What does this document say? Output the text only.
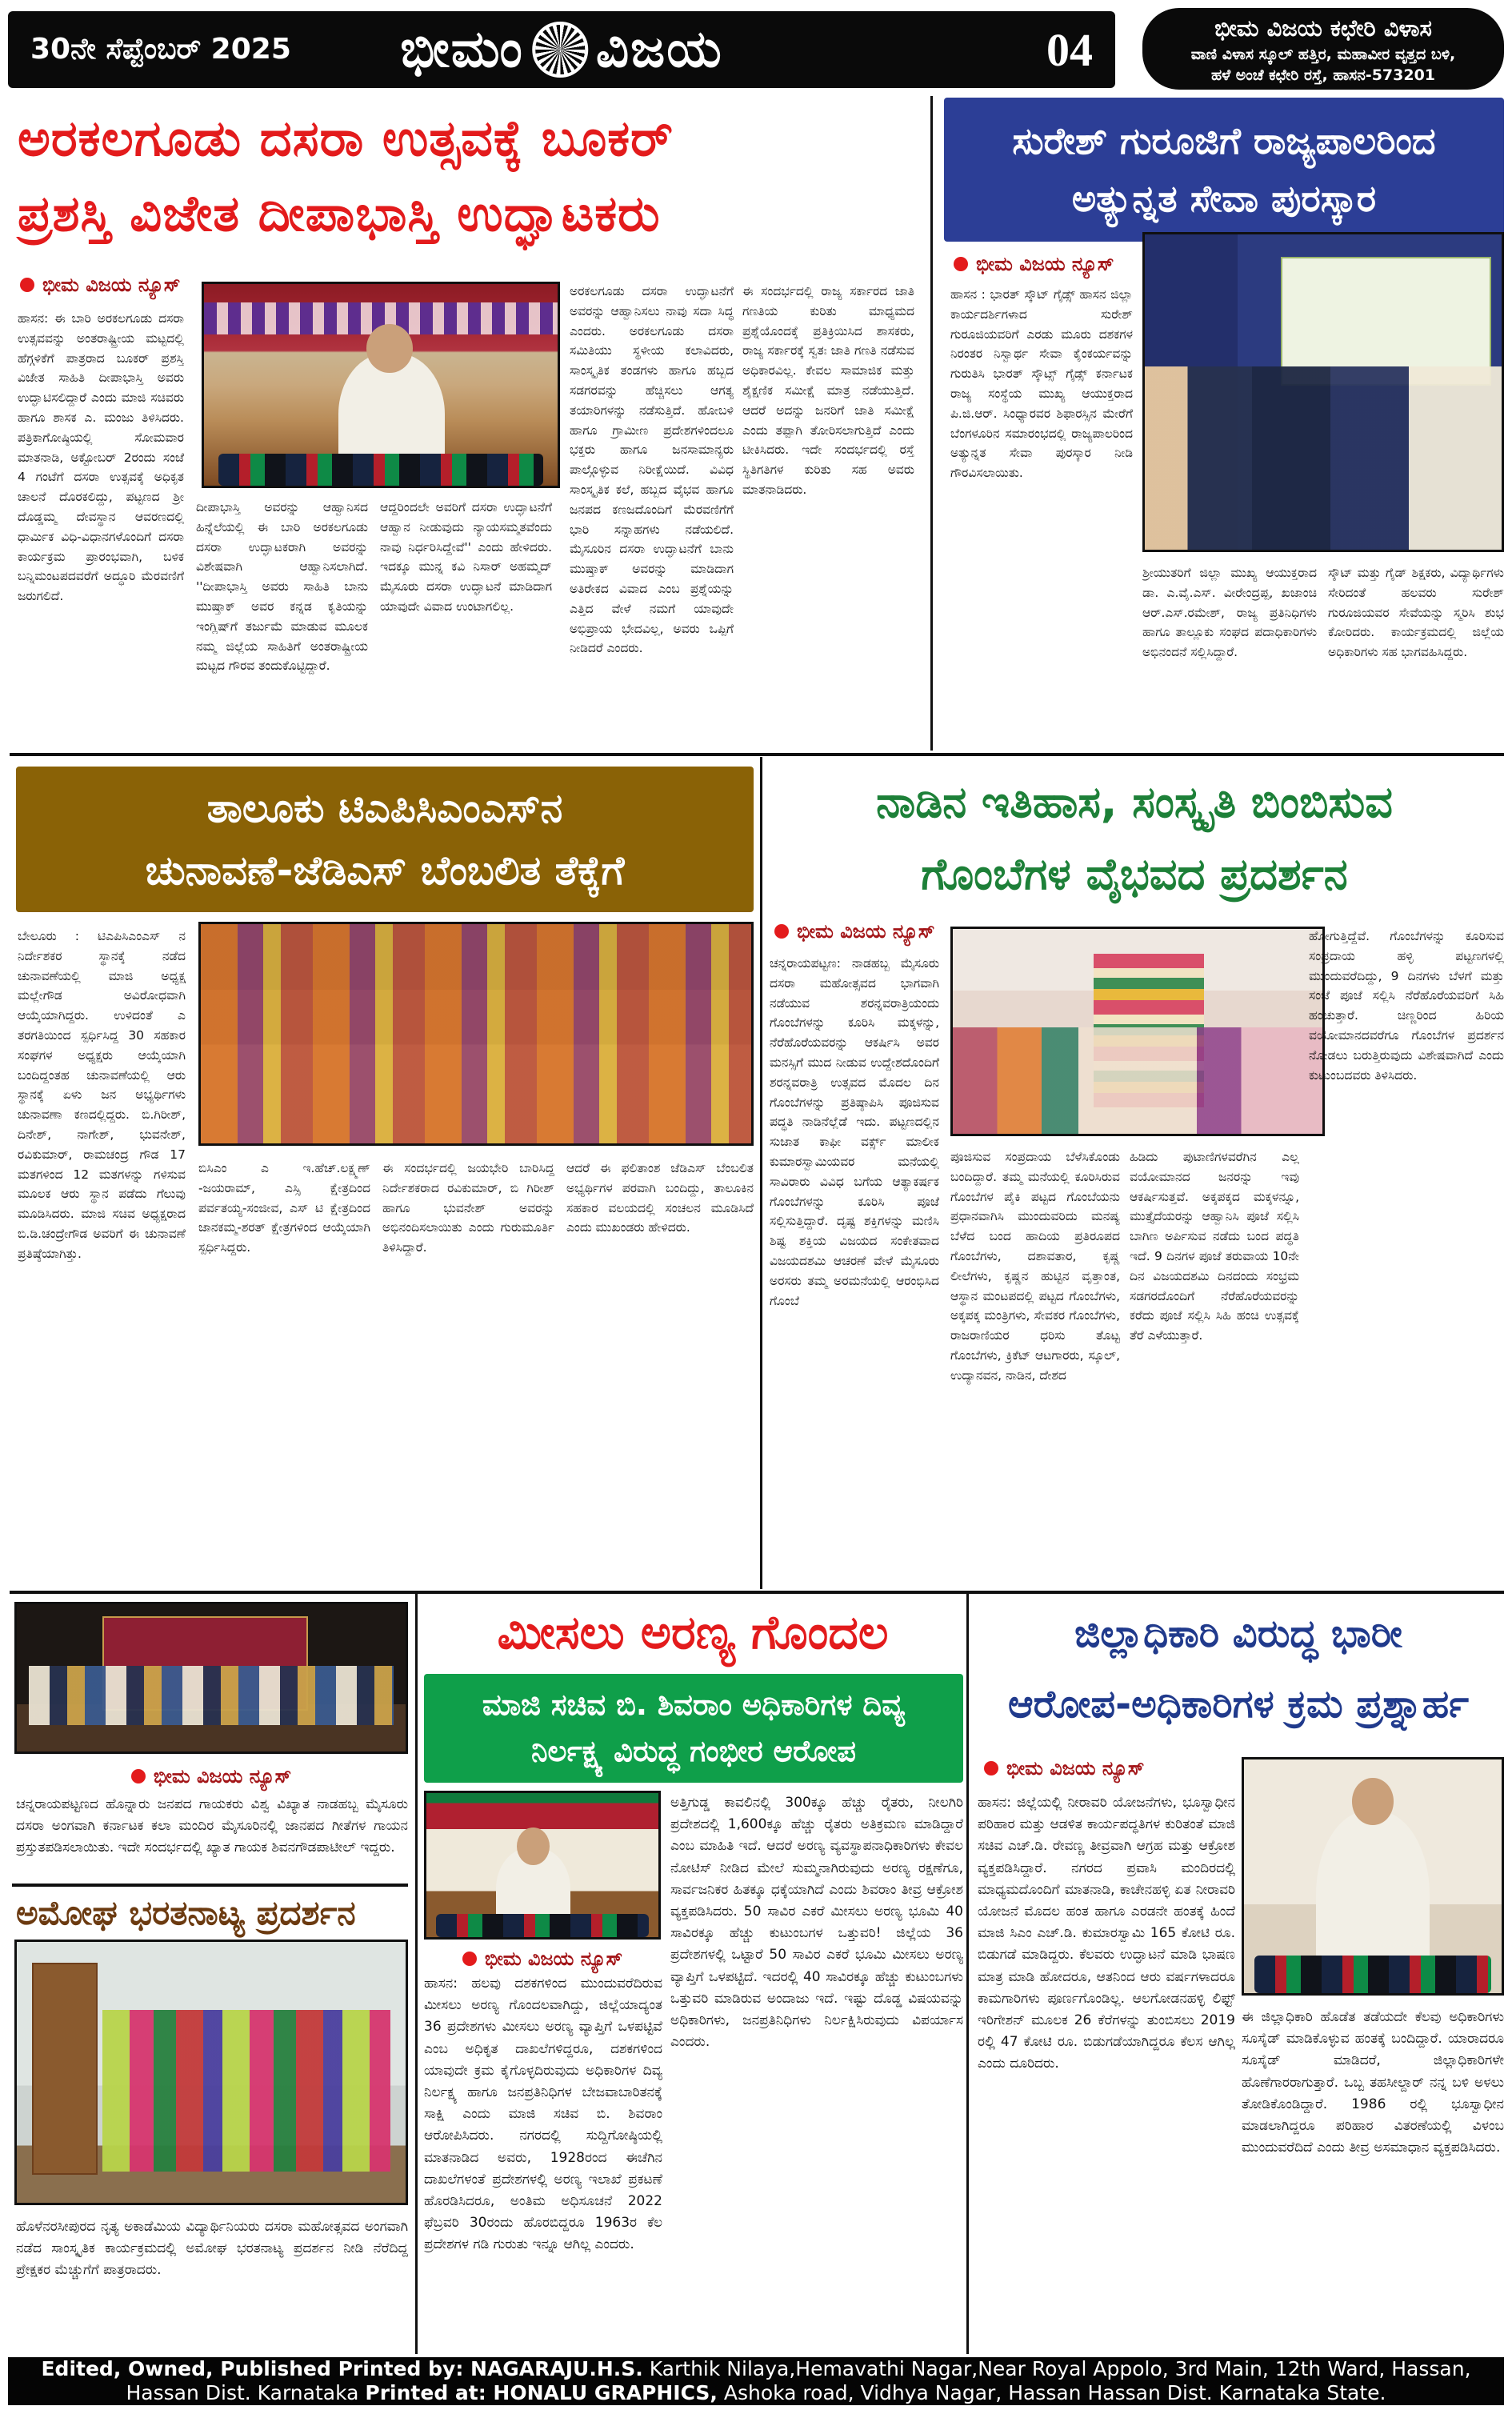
30ನೇ ಸೆಪ್ಟೆಂಬರ್ 2025 ಭೀಮಂ ವಿಜಯ	04	ಭೀಮ ವಿಜಯ ಕಛೇರಿ ವಿಳಾಸ
ವಾಣಿ ವಿಳಾಸ ಸ್ಕೂಲ್ ಹತ್ತಿರ, ಮಹಾವೀರ ವೃತ್ತದ ಬಳಿ,
ಹಳೆ ಅಂಚೆ ಕಛೇರಿ ರಸ್ತೆ, ಹಾಸನ-573201
ಅರಕಲಗೂಡು ದಸರಾ ಉತ್ಸವಕ್ಕೆ ಬೂಕರ್
ಪ್ರಶಸ್ತಿ ವಿಜೇತ ದೀಪಾಭಾಸ್ತಿ ಉದ್ಘಾಟಕರು
ಭೀಮ ವಿಜಯ ನ್ಯೂಸ್
ಹಾಸನ: ಈ ಬಾರಿ ಅರಕಲಗೂಡು ದಸರಾ ಉತ್ಸವವನ್ನು ಅಂತರಾಷ್ಟ್ರೀಯ ಮಟ್ಟದಲ್ಲಿ ಹೆಗ್ಗಳಿಕೆಗೆ ಪಾತ್ರರಾದ ಬೂಕರ್ ಪ್ರಶಸ್ತಿ ವಿಜೇತ ಸಾಹಿತಿ ದೀಪಾಭಾಸ್ತಿ ಅವರು ಉದ್ಘಾಟಿಸಲಿದ್ದಾರೆ ಎಂದು ಮಾಜಿ ಸಚಿವರು ಹಾಗೂ ಶಾಸಕ ಎ. ಮಂಜು ತಿಳಿಸಿದರು. ಪತ್ರಿಕಾಗೋಷ್ಠಿಯಲ್ಲಿ ಸೋಮವಾರ ಮಾತನಾಡಿ, ಅಕ್ಟೋಬರ್ 2ರಂದು ಸಂಜೆ 4 ಗಂಟೆಗೆ ದಸರಾ ಉತ್ಸವಕ್ಕೆ ಅಧಿಕೃತ ಚಾಲನೆ ದೊರಕಲಿದ್ದು, ಪಟ್ಟಣದ ಶ್ರೀ ದೊಡ್ಡಮ್ಮ ದೇವಸ್ಥಾನ ಆವರಣದಲ್ಲಿ ಧಾರ್ಮಿಕ ವಿಧಿ-ವಿಧಾನಗಳೊಂದಿಗೆ ದಸರಾ ಕಾರ್ಯಕ್ರಮ ಪ್ರಾರಂಭವಾಗಿ, ಬಳಿಕ ಬನ್ನಿಮಂಟಪದವರೆಗೆ ಅದ್ಧೂರಿ ಮೆರವಣಿಗೆ ಜರುಗಲಿದೆ.
ದೀಪಾಭಾಸ್ತಿ ಅವರನ್ನು ಆಹ್ವಾನಿಸದ ಹಿನ್ನೆಲೆಯಲ್ಲಿ ಈ ಬಾರಿ ಅರಕಲಗೂಡು ದಸರಾ ಉದ್ಘಾಟಕರಾಗಿ ಅವರನ್ನು ವಿಶೇಷವಾಗಿ ಆಹ್ವಾನಿಸಲಾಗಿದೆ. ''ದೀಪಾಭಾಸ್ತಿ ಅವರು ಸಾಹಿತಿ ಬಾನು ಮುಷ್ತಾಕ್ ಅವರ ಕನ್ನಡ ಕೃತಿಯನ್ನು ಇಂಗ್ಲಿಷ್‌ಗೆ ತರ್ಜುಮೆ ಮಾಡುವ ಮೂಲಕ ನಮ್ಮ ಜಿಲ್ಲೆಯ ಸಾಹಿತಿಗೆ ಅಂತರಾಷ್ಟ್ರೀಯ ಮಟ್ಟದ ಗೌರವ ತಂದುಕೊಟ್ಟಿದ್ದಾರೆ.
ಆದ್ದರಿಂದಲೇ ಅವರಿಗೆ ದಸರಾ ಉದ್ಘಾಟನೆಗೆ ಆಹ್ವಾನ ನೀಡುವುದು ನ್ಯಾಯಸಮ್ಮತವೆಂದು ನಾವು ನಿರ್ಧರಿಸಿದ್ದೇವೆ'' ಎಂದು ಹೇಳಿದರು. ಇದಕ್ಕೂ ಮುನ್ನ ಕವಿ ನಿಸಾರ್ ಅಹಮ್ಮದ್ ಮೈಸೂರು ದಸರಾ ಉದ್ಘಾಟನೆ ಮಾಡಿದಾಗ ಯಾವುದೇ ವಿವಾದ ಉಂಟಾಗಲಿಲ್ಲ.
ಅರಕಲಗೂಡು ದಸರಾ ಉದ್ಘಾಟನೆಗೆ ಅವರನ್ನು ಆಹ್ವಾನಿಸಲು ನಾವು ಸದಾ ಸಿದ್ಧ ಎಂದರು. ಅರಕಲಗೂಡು ದಸರಾ ಸಮಿತಿಯು ಸ್ಥಳೀಯ ಕಲಾವಿದರು, ಸಾಂಸ್ಕೃತಿಕ ತಂಡಗಳು ಹಾಗೂ ಹಬ್ಬದ ಸಡಗರವನ್ನು ಹೆಚ್ಚಿಸಲು ಆಗತ್ಯ ತಯಾರಿಗಳನ್ನು ನಡೆಸುತ್ತಿದೆ. ಹೋಬಳಿ ಹಾಗೂ ಗ್ರಾಮೀಣ ಪ್ರದೇಶಗಳಿಂದಲೂ ಭಕ್ತರು ಹಾಗೂ ಜನಸಾಮಾನ್ಯರು ಪಾಲ್ಗೊಳ್ಳುವ ನಿರೀಕ್ಷೆಯಿದೆ. ವಿವಿಧ ಸಾಂಸ್ಕೃತಿಕ ಕಲೆ, ಹಬ್ಬದ ವೈಭವ ಹಾಗೂ ಜನಪದ ಕಣಜದೊಂದಿಗೆ ಮೆರವಣಿಗೆಗೆ ಭಾರಿ ಸನ್ನಾಹಗಳು ನಡೆಯಲಿದೆ. ಮೈಸೂರಿನ ದಸರಾ ಉದ್ಘಾಟನೆಗೆ ಬಾನು ಮುಷ್ತಾಕ್ ಅವರನ್ನು ಮಾಡಿದಾಗ ಅತಿರೇಕದ ವಿವಾದ ಎಂಬ ಪ್ರಶ್ನೆಯನ್ನು ಎತ್ತಿದ ವೇಳೆ ನಮಗೆ ಯಾವುದೇ ಅಭಿಪ್ರಾಯ ಭೇದವಿಲ್ಲ, ಅವರು ಒಪ್ಪಿಗೆ ನೀಡಿದರೆ ಎಂದರು.
ಈ ಸಂದರ್ಭದಲ್ಲಿ ರಾಜ್ಯ ಸರ್ಕಾರದ ಜಾತಿ ಗಣತಿಯ ಕುರಿತು ಮಾಧ್ಯಮದ ಪ್ರಶ್ನೆಯೊಂದಕ್ಕೆ ಪ್ರತಿಕ್ರಿಯಿಸಿದ ಶಾಸಕರು, ರಾಜ್ಯ ಸರ್ಕಾರಕ್ಕೆ ಸ್ವತಃ ಜಾತಿ ಗಣತಿ ನಡೆಸುವ ಅಧಿಕಾರವಿಲ್ಲ. ಕೇವಲ ಸಾಮಾಜಿಕ ಮತ್ತು ಶೈಕ್ಷಣಿಕ ಸಮೀಕ್ಷೆ ಮಾತ್ರ ನಡೆಯುತ್ತಿದೆ. ಆದರೆ ಅದನ್ನು ಜನರಿಗೆ ಜಾತಿ ಸಮೀಕ್ಷೆ ಎಂದು ತಪ್ಪಾಗಿ ತೋರಿಸಲಾಗುತ್ತಿದೆ ಎಂದು ಟೀಕಿಸಿದರು. ಇದೇ ಸಂದರ್ಭದಲ್ಲಿ ರಸ್ತೆ ಸ್ಥಿತಿಗತಿಗಳ ಕುರಿತು ಸಹ ಅವರು ಮಾತನಾಡಿದರು.
ಸುರೇಶ್ ಗುರೂಜಿಗೆ ರಾಜ್ಯಪಾಲರಿಂದ
ಅತ್ಯುನ್ನತ ಸೇವಾ ಪುರಸ್ಕಾರ
ಭೀಮ ವಿಜಯ ನ್ಯೂಸ್
ಹಾಸನ : ಭಾರತ್ ಸ್ಕೌಟ್ ಗೈಡ್ಸ್ ಹಾಸನ ಜಿಲ್ಲಾ ಕಾರ್ಯದರ್ಶಿಗಳಾದ ಸುರೇಶ್ ಗುರೂಜಿಯವರಿಗೆ ಎರಡು ಮೂರು ದಶಕಗಳ ನಿರಂತರ ನಿಸ್ವಾರ್ಥ ಸೇವಾ ಕೈಂಕರ್ಯವನ್ನು ಗುರುತಿಸಿ ಭಾರತ್ ಸ್ಕೌಟ್ಸ್ ಗೈಡ್ಸ್ ಕರ್ನಾಟಕ ರಾಜ್ಯ ಸಂಸ್ಥೆಯ ಮುಖ್ಯ ಆಯುಕ್ತರಾದ ಪಿ.ಜಿ.ಆರ್. ಸಿಂಧ್ಯಾರವರ ಶಿಫಾರಸ್ಸಿನ ಮೇರೆಗೆ ಬೆಂಗಳೂರಿನ ಸಮಾರಂಭದಲ್ಲಿ ರಾಜ್ಯಪಾಲರಿಂದ ಅತ್ಯುನ್ನತ ಸೇವಾ ಪುರಸ್ಕಾರ ನೀಡಿ ಗೌರವಿಸಲಾಯಿತು.
ಶ್ರೀಯುತರಿಗೆ ಜಿಲ್ಲಾ ಮುಖ್ಯ ಆಯುಕ್ತರಾದ ಡಾ. ಎ.ವೈ.ಎಸ್. ವೀರೇಂದ್ರಪ್ಪ, ಖಜಾಂಚಿ ಆರ್.ಎಸ್.ರಮೇಶ್, ರಾಜ್ಯ ಪ್ರತಿನಿಧಿಗಳು ಹಾಗೂ ತಾಲ್ಲೂಕು ಸಂಘದ ಪದಾಧಿಕಾರಿಗಳು ಅಭಿನಂದನೆ ಸಲ್ಲಿಸಿದ್ದಾರೆ.
ಸ್ಕೌಟ್ ಮತ್ತು ಗೈಡ್ ಶಿಕ್ಷಕರು, ವಿದ್ಯಾರ್ಥಿಗಳು ಸೇರಿದಂತೆ ಹಲವರು ಸುರೇಶ್ ಗುರೂಜಿಯವರ ಸೇವೆಯನ್ನು ಸ್ಮರಿಸಿ ಶುಭ ಕೋರಿದರು. ಕಾರ್ಯಕ್ರಮದಲ್ಲಿ ಜಿಲ್ಲೆಯ ಅಧಿಕಾರಿಗಳು ಸಹ ಭಾಗವಹಿಸಿದ್ದರು.
ತಾಲೂಕು ಟಿಎಪಿಸಿಎಂಎಸ್‌ನ
ಚುನಾವಣೆ-ಜೆಡಿಎಸ್ ಬೆಂಬಲಿತ ತೆಕ್ಕೆಗೆ
ಬೇಲೂರು : ಟಿಎಪಿಸಿಎಂಎಸ್ ನ ನಿರ್ದೇಶಕರ ಸ್ಥಾನಕ್ಕೆ ನಡೆದ ಚುನಾವಣೆಯಲ್ಲಿ ಮಾಜಿ ಅಧ್ಯಕ್ಷ ಮಲ್ಲೇಗೌಡ ಅವಿರೋಧವಾಗಿ ಆಯ್ಕೆಯಾಗಿದ್ದರು. ಉಳಿದಂತೆ ಎ ತರಗತಿಯಿಂದ ಸ್ಪರ್ಧಿಸಿದ್ದ 30 ಸಹಕಾರ ಸಂಘಗಳ ಅಧ್ಯಕ್ಷರು ಆಯ್ಕೆಯಾಗಿ ಬಂದಿದ್ದಂತಹ ಚುನಾವಣೆಯಲ್ಲಿ ಆರು ಸ್ಥಾನಕ್ಕೆ ಏಳು ಜನ ಅಭ್ಯರ್ಥಿಗಳು ಚುನಾವಣಾ ಕಣದಲ್ಲಿದ್ದರು. ಬಿ.ಗಿರೀಶ್, ದಿನೇಶ್, ನಾಗೇಶ್, ಭುವನೇಶ್, ರವಿಕುಮಾರ್, ರಾಮಚಂದ್ರ ಗೌಡ 17 ಮತಗಳಿಂದ 12 ಮತಗಳನ್ನು ಗಳಿಸುವ ಮೂಲಕ ಆರು ಸ್ಥಾನ ಪಡೆದು ಗೆಲುವು ಮೂಡಿಸಿದರು. ಮಾಜಿ ಸಚಿವ ಅಧ್ಯಕ್ಷರಾದ ಬಿ.ಡಿ.ಚಂದ್ರೇಗೌಡ ಅವರಿಗೆ ಈ ಚುನಾವಣೆ ಪ್ರತಿಷ್ಠೆಯಾಗಿತ್ತು.
ಬಿಸಿಎಂ ಎ ಇ.ಹೆಚ್.ಲಕ್ಷ್ಮಣ್ -ಜಯರಾಮ್, ಎಸ್ಸಿ ಕ್ಷೇತ್ರದಿಂದ ಪರ್ವತಯ್ಯ-ಸಂಜೀವ, ಎಸ್ ಟಿ ಕ್ಷೇತ್ರದಿಂದ ಜಾನಕಮ್ಮ-ಶರತ್ ಕ್ಷೇತ್ರಗಳಿಂದ ಆಯ್ಕೆಯಾಗಿ ಸ್ಪರ್ಧಿಸಿದ್ದರು.
ಈ ಸಂದರ್ಭದಲ್ಲಿ ಜಯಭೇರಿ ಬಾರಿಸಿದ್ದ ನಿರ್ದೇಶಕರಾದ ರವಿಕುಮಾರ್, ಬಿ ಗಿರೀಶ್ ಹಾಗೂ ಭುವನೇಶ್ ಅವರನ್ನು ಅಭಿನಂದಿಸಲಾಯಿತು ಎಂದು ಗುರುಮೂರ್ತಿ ತಿಳಿಸಿದ್ದಾರೆ.
ಆದರೆ ಈ ಫಲಿತಾಂಶ ಜೆಡಿಎಸ್ ಬೆಂಬಲಿತ ಅಭ್ಯರ್ಥಿಗಳ ಪರವಾಗಿ ಬಂದಿದ್ದು, ತಾಲೂಕಿನ ಸಹಕಾರ ವಲಯದಲ್ಲಿ ಸಂಚಲನ ಮೂಡಿಸಿದೆ ಎಂದು ಮುಖಂಡರು ಹೇಳಿದರು.
ನಾಡಿನ ಇತಿಹಾಸ, ಸಂಸ್ಕೃತಿ ಬಿಂಬಿಸುವ
ಗೊಂಬೆಗಳ ವೈಭವದ ಪ್ರದರ್ಶನ
ಭೀಮ ವಿಜಯ ನ್ಯೂಸ್
ಚನ್ನರಾಯಪಟ್ಟಣ: ನಾಡಹಬ್ಬ ಮೈಸೂರು ದಸರಾ ಮಹೋತ್ಸವದ ಭಾಗವಾಗಿ ನಡೆಯುವ ಶರನ್ನವರಾತ್ರಿಯಂದು ಗೊಂಬೆಗಳನ್ನು ಕೂರಿಸಿ ಮಕ್ಕಳನ್ನು, ನೆರೆಹೊರೆಯವರನ್ನು ಆಕರ್ಷಿಸಿ ಅವರ ಮನಸ್ಸಿಗೆ ಮುದ ನೀಡುವ ಉದ್ದೇಶದೊಂದಿಗೆ ಶರನ್ನವರಾತ್ರಿ ಉತ್ಸವದ ಮೊದಲ ದಿನ ಗೊಂಬೆಗಳನ್ನು ಪ್ರತಿಷ್ಠಾಪಿಸಿ ಪೂಜಿಸುವ ಪದ್ಧತಿ ನಾಡಿನೆಲ್ಲೆಡೆ ಇದು. ಪಟ್ಟಣದಲ್ಲಿನ ಸುಜಾತ ಕಾಫೀ ವರ್ಕ್ಸ್ ಮಾಲೀಕ ಕುಮಾರಸ್ವಾಮಿಯವರ ಮನೆಯಲ್ಲಿ ಸಾವಿರಾರು ವಿವಿಧ ಬಗೆಯ ಆತ್ಯಾಕರ್ಷಕ ಗೊಂಬೆಗಳನ್ನು ಕೂರಿಸಿ ಪೂಜೆ ಸಲ್ಲಿಸುತ್ತಿದ್ದಾರೆ. ದೃಷ್ಟ ಶಕ್ತಿಗಳನ್ನು ಮಣಿಸಿ ಶಿಷ್ಟ ಶಕ್ತಿಯ ವಿಜಯದ ಸಂಕೇತವಾದ ವಿಜಯದಶಮಿ ಆಚರಣೆ ವೇಳೆ ಮೈಸೂರು ಅರಸರು ತಮ್ಮ ಅರಮನೆಯಲ್ಲಿ ಆರಂಭಿಸಿದ ಗೊಂಬೆ
ಪೂಜಿಸುವ ಸಂಪ್ರದಾಯ ಬೆಳೆಸಿಕೊಂಡು ಬಂದಿದ್ದಾರೆ. ತಮ್ಮ ಮನೆಯಲ್ಲಿ ಕೂರಿಸಿರುವ ಗೊಂಬೆಗಳ ಪೈಕಿ ಪಟ್ಟದ ಗೊಂಬೆಯನು ಪ್ರಧಾನವಾಗಿಸಿ ಮುಂದುವರಿದು ಮನಷ್ಯ ಬೆಳೆದ ಬಂದ ಹಾದಿಯ ಪ್ರತಿರೂಪದ ಗೊಂಬೆಗಳು, ದಶಾವತಾರ, ಕೃಷ್ಣ ಲೀಲೆಗಳು, ಕೃಷ್ಣನ ಹುಟ್ಟಿನ ವೃತ್ತಾಂತ, ಆಸ್ಥಾನ ಮಂಟಪದಲ್ಲಿ ಪಟ್ಟದ ಗೊಂಬೆಗಳು, ಅಕ್ಕಪಕ್ಕ ಮಂತ್ರಿಗಳು, ಸೇವಕರ ಗೊಂಬೆಗಳು, ರಾಜರಾಣಿಯರ ಧರಿಸು ತೊಟ್ಟ ಗೊಂಬೆಗಳು, ಕ್ರಿಕೆಟ್ ಆಟಗಾರರು, ಸ್ಕೂಲ್, ಉದ್ಯಾನವನ, ನಾಡಿನ, ದೇಶದ
ಹಿಡಿದು ಪುಟಾಣಿಗಳವರೆಗಿನ ಎಲ್ಲ ವಯೋಮಾನದ ಜನರನ್ನು ಇವು ಆಕರ್ಷಿಸುತ್ತವೆ. ಅಕ್ಕಪಕ್ಕದ ಮಕ್ಕಳನ್ನೂ, ಮುತ್ತೈದೆಯರನ್ನು ಆಹ್ವಾನಿಸಿ ಪೂಜೆ ಸಲ್ಲಿಸಿ ಬಾಗಿಣ ಅರ್ಪಿಸುವ ನಡೆದು ಬಂದ ಪದ್ಧತಿ ಇದೆ. 9 ದಿನಗಳ ಪೂಜೆ ತರುವಾಯ 10ನೇ ದಿನ ವಿಜಯದಶಮಿ ದಿನದಂದು ಸಂಭ್ರಮ ಸಡಗರದೊಂದಿಗೆ ನೆರೆಹೊರೆಯವರನ್ನು ಕರೆದು ಪೂಜೆ ಸಲ್ಲಿಸಿ ಸಿಹಿ ಹಂಚಿ ಉತ್ಸವಕ್ಕೆ ತೆರೆ ಎಳೆಯುತ್ತಾರೆ.
ಹೋಗುತ್ತಿದ್ದೆವೆ. ಗೊಂಬೆಗಳನ್ನು ಕೂರಿಸುವ ಸಂಪ್ರದಾಯ ಹಳ್ಳಿ ಪಟ್ಟಣಗಳಲ್ಲಿ ಮುಂದುವರೆದಿದ್ದು, 9 ದಿನಗಳು ಬೆಳಗೆ ಮತ್ತು ಸಂಜೆ ಪೂಜೆ ಸಲ್ಲಿಸಿ ನೆರೆಹೊರೆಯವರಿಗೆ ಸಿಹಿ ಹಂಚುತ್ತಾರೆ. ಚಿಣ್ಣರಿಂದ ಹಿರಿಯ ವಯೋಮಾನದವರೆಗೂ ಗೊಂಬೆಗಳ ಪ್ರದರ್ಶನ ನೋಡಲು ಬರುತ್ತಿರುವುದು ವಿಶೇಷವಾಗಿದೆ ಎಂದು ಕುಟುಂಬದವರು ತಿಳಿಸಿದರು.
ಭೀಮ ವಿಜಯ ನ್ಯೂಸ್
ಚನ್ನರಾಯಪಟ್ಟಣದ ಹೊನ್ನಾರು ಜನಪದ ಗಾಯಕರು ವಿಶ್ವ ವಿಖ್ಯಾತ ನಾಡಹಬ್ಬ ಮೈಸೂರು ದಸರಾ ಅಂಗವಾಗಿ ಕರ್ನಾಟಕ ಕಲಾ ಮಂದಿರ ಮೈಸೂರಿನಲ್ಲಿ ಜಾನಪದ ಗೀತೆಗಳ ಗಾಯನ ಪ್ರಸ್ತುತಪಡಿಸಲಾಯಿತು. ಇದೇ ಸಂದರ್ಭದಲ್ಲಿ ಖ್ಯಾತ ಗಾಯಕ ಶಿವನಗೌಡಪಾಟೀಲ್ ಇದ್ದರು.
ಅಮೋಘ ಭರತನಾಟ್ಯ ಪ್ರದರ್ಶನ
ಹೊಳೆನರಸೀಪುರದ ನೃತ್ಯ ಅಕಾಡೆಮಿಯ ವಿದ್ಯಾರ್ಥಿನಿಯರು ದಸರಾ ಮಹೋತ್ಸವದ ಅಂಗವಾಗಿ ನಡೆದ ಸಾಂಸ್ಕೃತಿಕ ಕಾರ್ಯಕ್ರಮದಲ್ಲಿ ಅಮೋಘ ಭರತನಾಟ್ಯ ಪ್ರದರ್ಶನ ನೀಡಿ ನೆರೆದಿದ್ದ ಪ್ರೇಕ್ಷಕರ ಮೆಚ್ಚುಗೆಗೆ ಪಾತ್ರರಾದರು.
ಮೀಸಲು ಅರಣ್ಯ ಗೊಂದಲ
ಮಾಜಿ ಸಚಿವ ಬಿ. ಶಿವರಾಂ ಅಧಿಕಾರಿಗಳ ದಿವ್ಯ
ನಿರ್ಲಕ್ಷ್ಯ ವಿರುದ್ಧ ಗಂಭೀರ ಆರೋಪ
ಭೀಮ ವಿಜಯ ನ್ಯೂಸ್
ಹಾಸನ: ಹಲವು ದಶಕಗಳಿಂದ ಮುಂದುವರೆದಿರುವ ಮೀಸಲು ಅರಣ್ಯ ಗೊಂದಲವಾಗಿದ್ದು, ಜಿಲ್ಲೆಯಾದ್ಯಂತ 36 ಪ್ರದೇಶಗಳು ಮೀಸಲು ಅರಣ್ಯ ವ್ಯಾಪ್ತಿಗೆ ಒಳಪಟ್ಟಿವೆ ಎಂಬ ಅಧಿಕೃತ ದಾಖಲೆಗಳಿದ್ದರೂ, ದಶಕಗಳಿಂದ ಯಾವುದೇ ಕ್ರಮ ಕೈಗೊಳ್ಳದಿರುವುದು ಅಧಿಕಾರಿಗಳ ದಿವ್ಯ ನಿರ್ಲಕ್ಷ್ಯ ಹಾಗೂ ಜನಪ್ರತಿನಿಧಿಗಳ ಬೇಜವಾಬಾರಿತನಕ್ಕೆ ಸಾಕ್ಷಿ ಎಂದು ಮಾಜಿ ಸಚಿವ ಬಿ. ಶಿವರಾಂ ಆರೋಪಿಸಿದರು. ನಗರದಲ್ಲಿ ಸುದ್ದಿಗೋಷ್ಠಿಯಲ್ಲಿ ಮಾತನಾಡಿದ ಅವರು, 1928ರಂದ ಈಚೆಗಿನ ದಾಖಲೆಗಳಂತೆ ಪ್ರದೇಶಗಳಲ್ಲಿ ಅರಣ್ಯ ಇಲಾಖೆ ಪ್ರಕಟಣೆ ಹೊರಡಿಸಿದರೂ, ಅಂತಿಮ ಅಧಿಸೂಚನೆ 2022 ಫೆಬ್ರವರಿ 30ರಂದು ಹೊರಬಿದ್ದರೂ 1963ರ ಕೆಲ ಪ್ರದೇಶಗಳ ಗಡಿ ಗುರುತು ಇನ್ನೂ ಆಗಿಲ್ಲ ಎಂದರು.
ಅತ್ತಿಗುಡ್ಡ ಕಾವಲಿನಲ್ಲಿ 300ಕ್ಕೂ ಹೆಚ್ಚು ರೈತರು, ನೀಲಗಿರಿ ಪ್ರದೇಶದಲ್ಲಿ 1,600ಕ್ಕೂ ಹೆಚ್ಚು ರೈತರು ಅತಿಕ್ರಮಣ ಮಾಡಿದ್ದಾರೆ ಎಂಬ ಮಾಹಿತಿ ಇದೆ. ಆದರೆ ಅರಣ್ಯ ವ್ಯವಸ್ಥಾಪನಾಧಿಕಾರಿಗಳು ಕೇವಲ ನೋಟಿಸ್ ನೀಡಿದ ಮೇಲೆ ಸುಮ್ಮನಾಗಿರುವುದು ಅರಣ್ಯ ರಕ್ಷಣೆಗೂ, ಸಾರ್ವಜನಿಕರ ಹಿತಕ್ಕೂ ಧಕ್ಕೆಯಾಗಿದೆ ಎಂದು ಶಿವರಾಂ ತೀವ್ರ ಆಕ್ರೋಶ ವ್ಯಕ್ತಪಡಿಸಿದರು. 50 ಸಾವಿರ ಎಕರೆ ಮೀಸಲು ಅರಣ್ಯ ಭೂಮಿ 40 ಸಾವಿರಕ್ಕೂ ಹೆಚ್ಚು ಕುಟುಂಬಗಳ ಒತ್ತುವರಿ! ಜಿಲ್ಲೆಯ 36 ಪ್ರದೇಶಗಳಲ್ಲಿ ಒಟ್ಟಾರೆ 50 ಸಾವಿರ ಎಕರೆ ಭೂಮಿ ಮೀಸಲು ಅರಣ್ಯ ವ್ಯಾಪ್ತಿಗೆ ಒಳಪಟ್ಟಿದೆ. ಇದರಲ್ಲಿ 40 ಸಾವಿರಕ್ಕೂ ಹೆಚ್ಚು ಕುಟುಂಬಗಳು ಒತ್ತುವರಿ ಮಾಡಿರುವ ಅಂದಾಜು ಇದೆ. ಇಷ್ಟು ದೊಡ್ಡ ವಿಷಯವನ್ನು ಅಧಿಕಾರಿಗಳು, ಜನಪ್ರತಿನಿಧಿಗಳು ನಿರ್ಲಕ್ಷಿಸಿರುವುದು ವಿಪರ್ಯಾಸ ಎಂದರು.
ಜಿಲ್ಲಾಧಿಕಾರಿ ವಿರುದ್ಧ ಭಾರೀ
ಆರೋಪ-ಅಧಿಕಾರಿಗಳ ಕ್ರಮ ಪ್ರಶ್ನಾರ್ಹ
ಭೀಮ ವಿಜಯ ನ್ಯೂಸ್
ಹಾಸನ: ಜಿಲ್ಲೆಯಲ್ಲಿ ನೀರಾವರಿ ಯೋಜನೆಗಳು, ಭೂಸ್ವಾಧೀನ ಪರಿಹಾರ ಮತ್ತು ಆಡಳಿತ ಕಾರ್ಯಪದ್ಧತಿಗಳ ಕುರಿತಂತೆ ಮಾಜಿ ಸಚಿವ ಎಚ್.ಡಿ. ರೇವಣ್ಣ ತೀವ್ರವಾಗಿ ಆಗ್ರಹ ಮತ್ತು ಆಕ್ರೋಶ ವ್ಯಕ್ತಪಡಿಸಿದ್ದಾರೆ. ನಗರದ ಪ್ರವಾಸಿ ಮಂದಿರದಲ್ಲಿ ಮಾಧ್ಯಮದೊಂದಿಗೆ ಮಾತನಾಡಿ, ಕಾಚೇನಹಳ್ಳಿ ಏತ ನೀರಾವರಿ ಯೋಜನೆ ಮೊದಲ ಹಂತ ಹಾಗೂ ಎರಡನೇ ಹಂತಕ್ಕೆ ಹಿಂದೆ ಮಾಜಿ ಸಿಎಂ ಎಚ್.ಡಿ. ಕುಮಾರಸ್ವಾಮಿ 165 ಕೋಟಿ ರೂ. ಬಿಡುಗಡೆ ಮಾಡಿದ್ದರು. ಕೆಲವರು ಉದ್ಘಾಟನೆ ಮಾಡಿ ಭಾಷಣ ಮಾತ್ರ ಮಾಡಿ ಹೋದರೂ, ಆತನಿಂದ ಆರು ವರ್ಷಗಳಾದರೂ ಕಾಮಗಾರಿಗಳು ಪೂರ್ಣಗೊಂಡಿಲ್ಲ. ಆಲಗೋಡನಹಳ್ಳಿ ಲಿಫ್ಟ್ ಇರಿಗೇಶನ್ ಮೂಲಕ 26 ಕೆರೆಗಳನ್ನು ತುಂಬಿಸಲು 2019 ರಲ್ಲಿ 47 ಕೋಟಿ ರೂ. ಬಿಡುಗಡೆಯಾಗಿದ್ದರೂ ಕೆಲಸ ಆಗಿಲ್ಲ ಎಂದು ದೂರಿದರು.
ಈ ಜಿಲ್ಲಾಧಿಕಾರಿ ಹೊಡೆತ ತಡೆಯದೇ ಕೆಲವು ಅಧಿಕಾರಿಗಳು ಸೂಸೈಡ್ ಮಾಡಿಕೊಳ್ಳುವ ಹಂತಕ್ಕೆ ಬಂದಿದ್ದಾರೆ. ಯಾರಾದರೂ ಸೂಸೈಡ್ ಮಾಡಿದರೆ, ಜಿಲ್ಲಾಧಿಕಾರಿಗಳೇ ಹೊಣೆಗಾರರಾಗುತ್ತಾರೆ. ಒಬ್ಬ ತಹಸೀಲ್ದಾರ್ ನನ್ನ ಬಳಿ ಅಳಲು ತೋಡಿಕೊಂಡಿದ್ದಾರೆ. 1986 ರಲ್ಲಿ ಭೂಸ್ವಾಧೀನ ಮಾಡಲಾಗಿದ್ದರೂ ಪರಿಹಾರ ವಿತರಣೆಯಲ್ಲಿ ವಿಳಂಬ ಮುಂದುವರೆದಿದೆ ಎಂದು ತೀವ್ರ ಅಸಮಾಧಾನ ವ್ಯಕ್ತಪಡಿಸಿದರು.
Edited, Owned, Published Printed by: NAGARAJU.H.S. Karthik Nilaya,Hemavathi Nagar,Near Royal Appolo, 3rd Main, 12th Ward, Hassan,
Hassan Dist. Karnataka Printed at: HONALU GRAPHICS, Ashoka road, Vidhya Nagar, Hassan Hassan Dist. Karnataka State.
